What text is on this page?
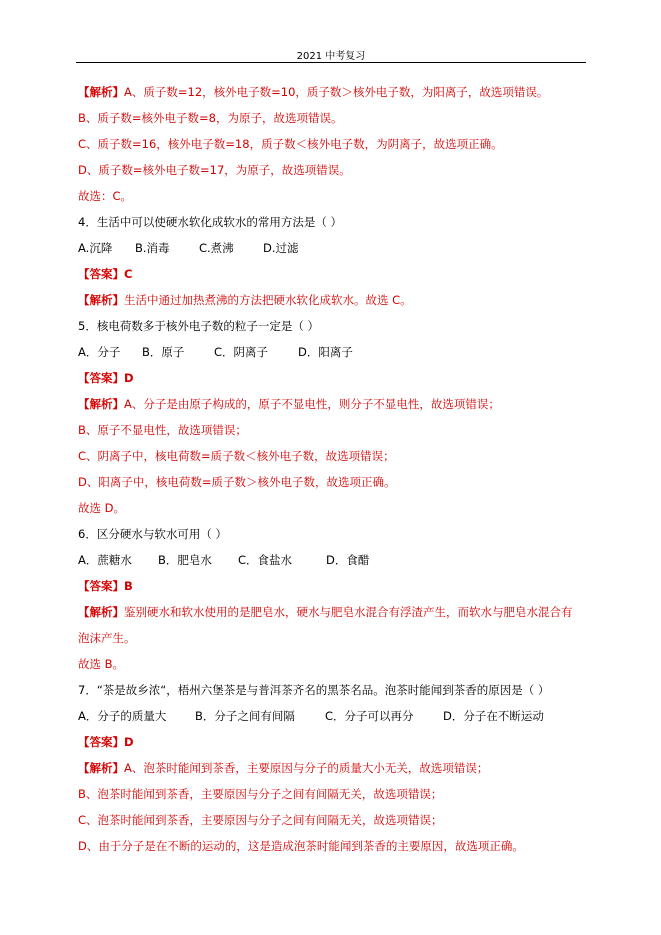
2021 中考复习
【解析】A、质子数=12，核外电子数=10，质子数＞核外电子数，为阳离子，故选项错误。
B、质子数=核外电子数=8，为原子，故选项错误。
C、质子数=16，核外电子数=18，质子数＜核外电子数，为阴离子，故选项正确。
D、质子数=核外电子数=17，为原子，故选项错误。
故选：C。
4．生活中可以使硬水软化成软水的常用方法是（ ）
A.沉降 B.消毒	C.煮沸	D.过滤
【答案】C
【解析】生活中通过加热煮沸的方法把硬水软化成软水。故选 C。
5．核电荷数多于核外电子数的粒子一定是（ ）
A．分子 B．原子	C．阴离子	D．阳离子
【答案】D
【解析】A、分子是由原子构成的，原子不显电性，则分子不显电性，故选项错误；
B、原子不显电性，故选项错误；
C、阴离子中，核电荷数=质子数＜核外电子数，故选项错误；
D、阳离子中，核电荷数=质子数＞核外电子数，故选项正确。
故选 D。
6．区分硬水与软水可用（ ）
A．蔗糖水 B．肥皂水 C．食盐水	D．食醋
【答案】B
【解析】鉴别硬水和软水使用的是肥皂水，硬水与肥皂水混合有浮渣产生，而软水与肥皂水混合有
泡沫产生。
故选 B。
7．“茶是故乡浓“，梧州六堡茶是与普洱茶齐名的黑茶名品。泡茶时能闻到茶香的原因是（ ）
A．分子的质量大 B．分子之间有间隔	C．分子可以再分	D．分子在不断运动
【答案】D
【解析】A、泡茶时能闻到茶香，主要原因与分子的质量大小无关，故选项错误；
B、泡茶时能闻到茶香，主要原因与分子之间有间隔无关，故选项错误；
C、泡茶时能闻到茶香，主要原因与分子之间有间隔无关，故选项错误；
D、由于分子是在不断的运动的，这是造成泡茶时能闻到茶香的主要原因，故选项正确。
